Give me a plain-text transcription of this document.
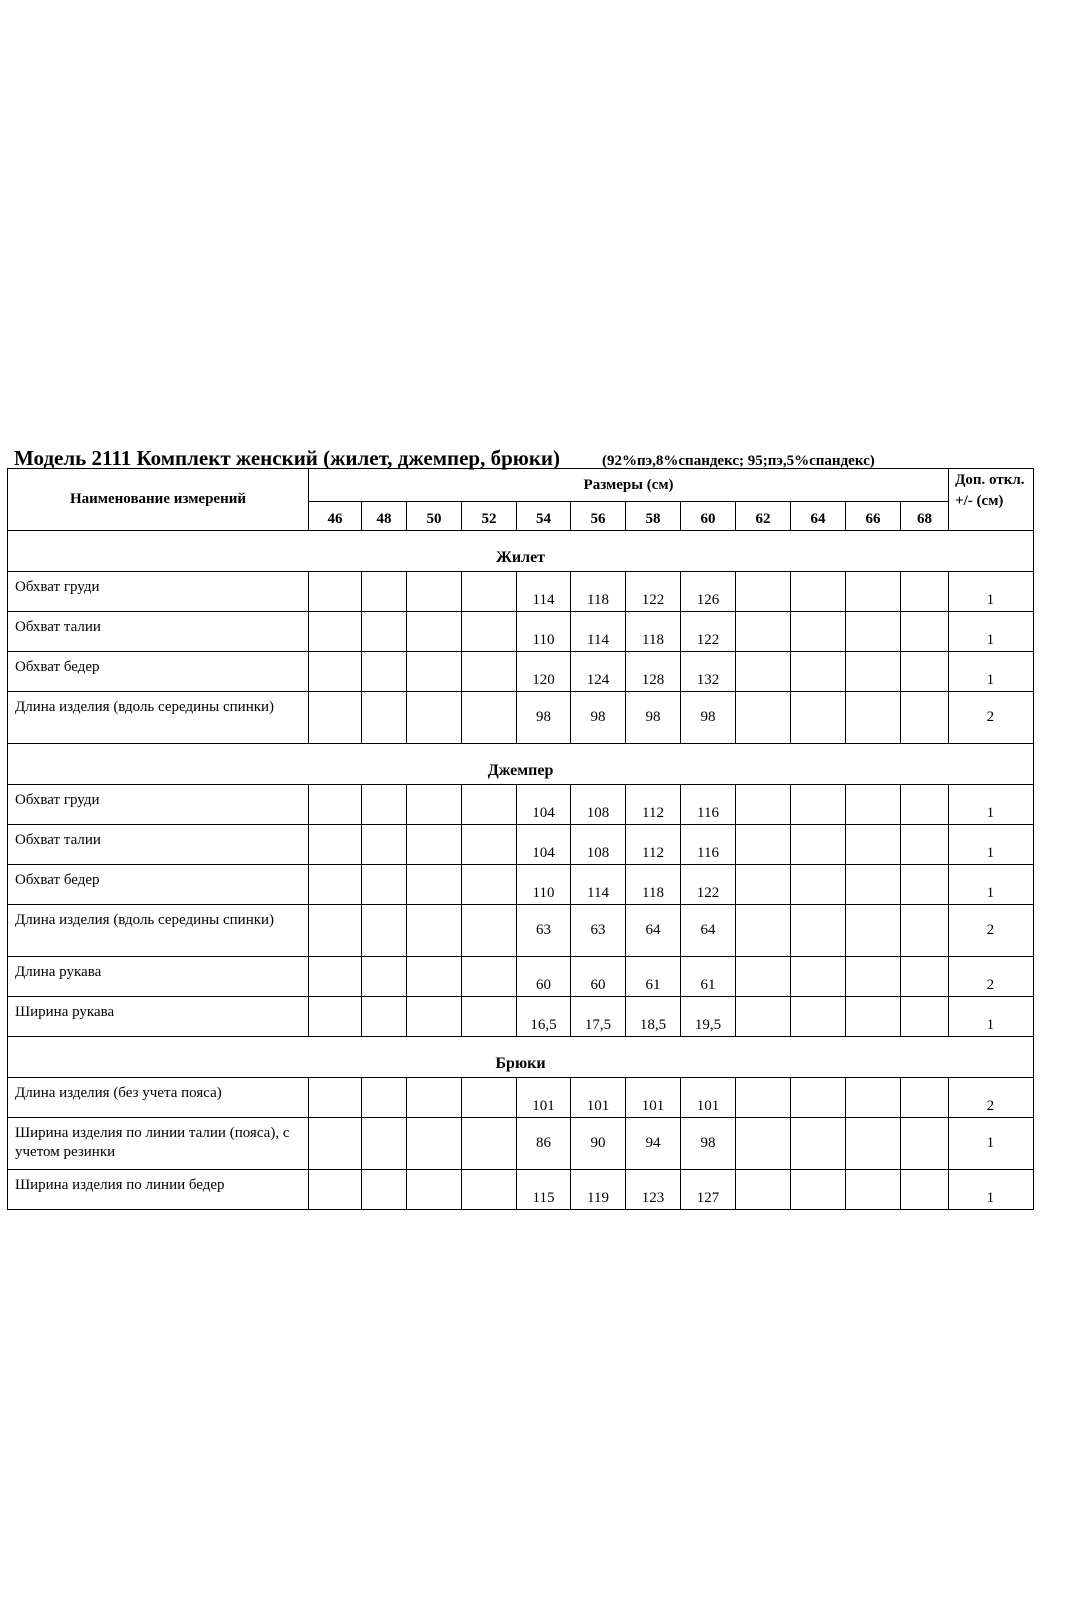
Модель 2111 Комплект женский (жилет, джемпер, брюки)	(92%пэ,8%спандекс; 95;пэ,5%спандекс)
Наименование измерений	Размеры (см)												Доп. откл. +/- (см)
	46	48	50	52	54	56	58	60	62	64	66	68	
Жилет													
Обхват груди					114	118	122	126					1
Обхват талии					110	114	118	122					1
Обхват бедер					120	124	128	132					1
Длина изделия (вдоль середины спинки)					98	98	98	98					2
Джемпер													
Обхват груди					104	108	112	116					1
Обхват талии					104	108	112	116					1
Обхват бедер					110	114	118	122					1
Длина изделия (вдоль середины спинки)					63	63	64	64					2
Длина рукава					60	60	61	61					2
Ширина рукава					16,5	17,5	18,5	19,5					1
Брюки													
Длина изделия (без учета пояса)					101	101	101	101					2
Ширина изделия по линии талии (пояса), с учетом резинки					86	90	94	98					1
Ширина изделия по линии бедер					115	119	123	127					1
